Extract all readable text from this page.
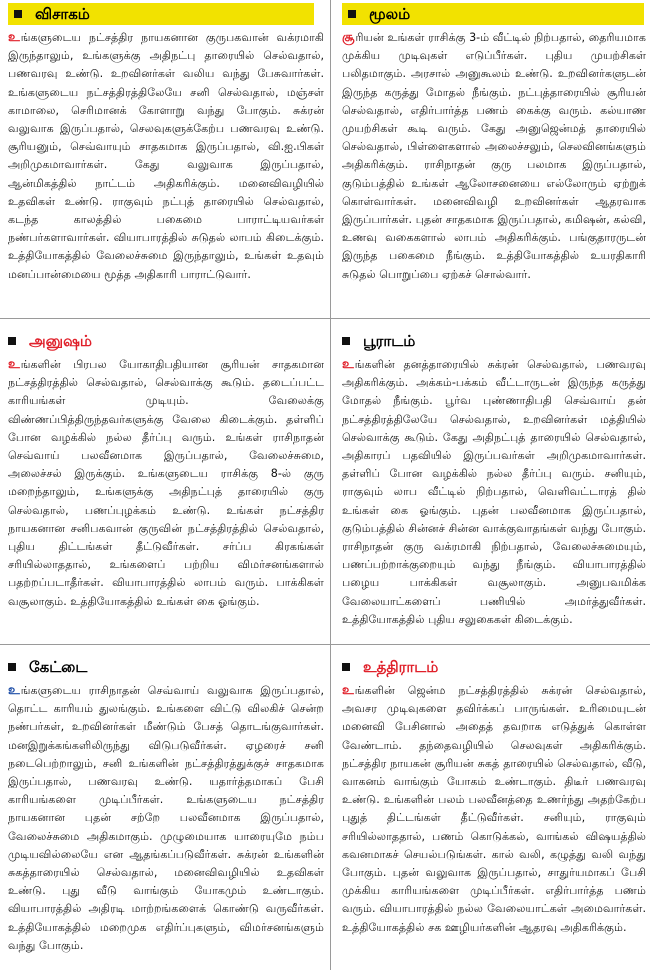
விசாகம்

உ ங்களுடைய நட்சத்திர நாயகனான குருபகவான் வக்ரமாகி இருந்தாலும், உங்களுக்கு அதிநட்பு தாரையில் செல்வதால், பணவரவு உண்டு. உறவினர்கள் வலிய வந்து பேசுவார்கள். உங்களுடைய நட்சத்திரத்திலேயே சனி செல்வதால், மஞ்சள் காமாலை, செரிமானக் கோளாறு வந்து போகும். சுக்ரன் வலுவாக இருப்பதால், செலவுகளுக்கேற்ப பணவரவு உண்டு. சூரியனும், செவ்வாயும் சாதகமாக இருப்பதால், வி.ஐ.பிகள் அறிமுகமாவார்கள். கேது வலுவாக இருப்பதால், ஆன்மிகத்தில் நாட்டம் அதிகரிக்கும். மனைவிவழியில் உதவிகள் உண்டு. ராகுவும் நட்புத் தாரையில் செல்வதால், கடந்த காலத்தில் பகைமை பாராட்டியவர்கள் நண்பர்களாவார்கள். வியாபாரத்தில் சுடுதல் லாபம் கிடைக்கும். உத்தியோகத்தில் வேலைச்சுமை இருந்தாலும், உங்கள் உதவும் மனப்பான்மையை மூத்த அதிகாரி பாராட்டுவார்.

மூலம்

சூ ரியன் உங்கள் ராசிக்கு 3-ம் வீட்டில் நிற்பதால், தைரியமாக முக்கிய முடிவுகள் எடுப்பீர்கள். புதிய முயற்சிகள் பலிதமாகும். அரசால் அனுகூலம் உண்டு. உறவினர்களுடன் இருந்த கருத்து மோதல் நீங்கும். நட்புத்தாரையில் சூரியன் செல்வதால், எதிர்பார்த்த பணம் கைக்கு வரும். கல்யாண முயற்சிகள் கூடி வரும். கேது அனுஜென்மத் தாரையில் செல்வதால், பிள்ளைகளால் அலைச்சலும், செலவினங்களும் அதிகரிக்கும். ராசிநாதன் குரு பலமாக இருப்பதால், குடும்பத்தில் உங்கள் ஆலோசனையை எல்லோரும் ஏற்றுக் கொள்வார்கள். மனைவிவழி உறவினர்கள் ஆதரவாக இருப்பார்கள். புதன் சாதகமாக இருப்பதால், கமிஷன், கல்வி, உணவு வகைகளால் லாபம் அதிகரிக்கும். பங்குதாரருடன் இருந்த பகைமை நீங்கும். உத்தியோகத்தில் உயரதிகாரி சுடுதல் பொறுப்பை ஏற்கச் சொல்வார்.

அனுஷம்

உ ங்களின் பிரபல யோகாதிபதியான சூரியன் சாதகமான நட்சத்திரத்தில் செல்வதால், செல்வாக்கு கூடும். தடைப்பட்ட காரியங்கள் முடியும். வேலைக்கு விண்ணப்பித்திருந்தவர்களுக்கு வேலை கிடைக்கும். தள்ளிப் போன வழக்கில் நல்ல தீர்ப்பு வரும். உங்கள் ராசிநாதன் செவ்வாய் பலவீனமாக இருப்பதால், வேலைச்சுமை, அலைச்சல் இருக்கும். உங்களுடைய ராசிக்கு 8-ல் குரு மறைந்தாலும், உங்களுக்கு அதிநட்புத் தாரையில் குரு செல்வதால், பணப்புழக்கம் உண்டு. உங்கள் நட்சத்திர நாயகனான சனிபகவான் குருவின் நட்சத்திரத்தில் செல்வதால், புதிய திட்டங்கள் தீட்டுவீர்கள். சர்ப்ப கிரகங்கள் சரியில்லாததால், உங்களைப் பற்றிய விமர்சனங்களால் பதற்றப்படாதீர்கள். வியாபாரத்தில் லாபம் வரும். பாக்கிகள் வசூலாகும். உத்தியோகத்தில் உங்கள் கை ஓங்கும்.

பூராடம்

உ ங்களின் தனத்தாரையில் சுக்ரன் செல்வதால், பணவரவு அதிகரிக்கும். அக்கம்-பக்கம் வீட்டாருடன் இருந்த கருத்து மோதல் நீங்கும். பூர்வ புண்ணாதிபதி செவ்வாய் தன் நட்சத்திரத்திலேயே செல்வதால், உறவினர்கள் மத்தியில் செல்வாக்கு கூடும். கேது அதிநட்புத் தாரையில் செல்வதால், அதிகாரப் பதவியில் இருப்பவர்கள் அறிமுகமாவார்கள். தள்ளிப் போன வழக்கில் நல்ல தீர்ப்பு வரும். சனியும், ராகுவும் லாப வீட்டில் நிற்பதால், வெளிவட்டாரத் தில் உங்கள் கை ஓங்கும். புதன் பலவீனமாக இருப்பதால், குடும்பத்தில் சின்னச் சின்ன வாக்குவாதங்கள் வந்து போகும். ராசிநாதன் குரு வக்ரமாகி நிற்பதால், வேலைச்சுமையும், பணப்பற்றாக்குறையும் வந்து நீங்கும். வியாபாரத்தில் பழைய பாக்கிகள் வசூலாகும். அனுபவமிக்க வேலையாட்களைப் பணியில் அமர்த்துவீர்கள். உத்தியோகத்தில் புதிய சலுகைகள் கிடைக்கும்.

கேட்டை

உ ங்களுடைய ராசிநாதன் செவ்வாய் வலுவாக இருப்பதால், தொட்ட காரியம் துலங்கும். உங்களை விட்டு விலகிச் சென்ற நண்பர்கள், உறவினர்கள் மீண்டும் பேசத் தொடங்குவார்கள். மனஇறுக்கங்களிலிருந்து விடுபடுவீர்கள். ஏழரைச் சனி நடைபெற்றாலும், சனி உங்களின் நட்சத்திரத்துக்குச் சாதகமாக இருப்பதால், பணவரவு உண்டு. யதார்த்தமாகப் பேசி காரியங்களை முடிப்பீர்கள். உங்களுடைய நட்சத்திர நாயகனான புதன் சற்றே பலவீனமாக இருப்பதால், வேலைச்சுமை அதிகமாகும். முழுமையாக யாரையுமே நம்ப முடியவில்லையே என ஆதங்கப்படுவீர்கள். சுக்ரன் உங்களின் சுகத்தாரையில் செல்வதால், மனைவிவழியில் உதவிகள் உண்டு. புது வீடு வாங்கும் யோகமும் உண்டாகும். வியாபாரத்தில் அதிரடி மாற்றங்களைக் கொண்டு வருவீர்கள். உத்தியோகத்தில் மறைமுக எதிர்ப்புகளும், விமர்சனங்களும் வந்து போகும்.

உத்திராடம்

உ ங்களின் ஜென்ம நட்சத்திரத்தில் சுக்ரன் செல்வதால், அவசர முடிவுகளை தவிர்க்கப் பாருங்கள். உரிமையுடன் மனைவி பேசினால் அதைத் தவறாக எடுத்துக் கொள்ள வேண்டாம். தந்தைவழியில் செலவுகள் அதிகரிக்கும். நட்சத்திர நாயகன் சூரியன் சுகத் தாரையில் செல்வதால், வீடு, வாகனம் வாங்கும் யோகம் உண்டாகும். திடீர் பணவரவு உண்டு. உங்களின் பலம் பலவீனத்தை உணர்ந்து அதற்கேற்ப புதுத் திட்டங்கள் தீட்டுவீர்கள். சனியும், ராகுவும் சரியில்லாததால், பணம் கொடுக்கல், வாங்கல் விஷயத்தில் கவனமாகச் செயல்படுங்கள். கால் வலி, கழுத்து வலி வந்து போகும். புதன் வலுவாக இருப்பதால், சாதுர்யமாகப் பேசி முக்கிய காரியங்களை முடிப்பீர்கள். எதிர்பார்த்த பணம் வரும். வியாபாரத்தில் நல்ல வேலையாட்கள் அமைவார்கள். உத்தியோகத்தில் சக ஊழியர்களின் ஆதரவு அதிகரிக்கும்.
